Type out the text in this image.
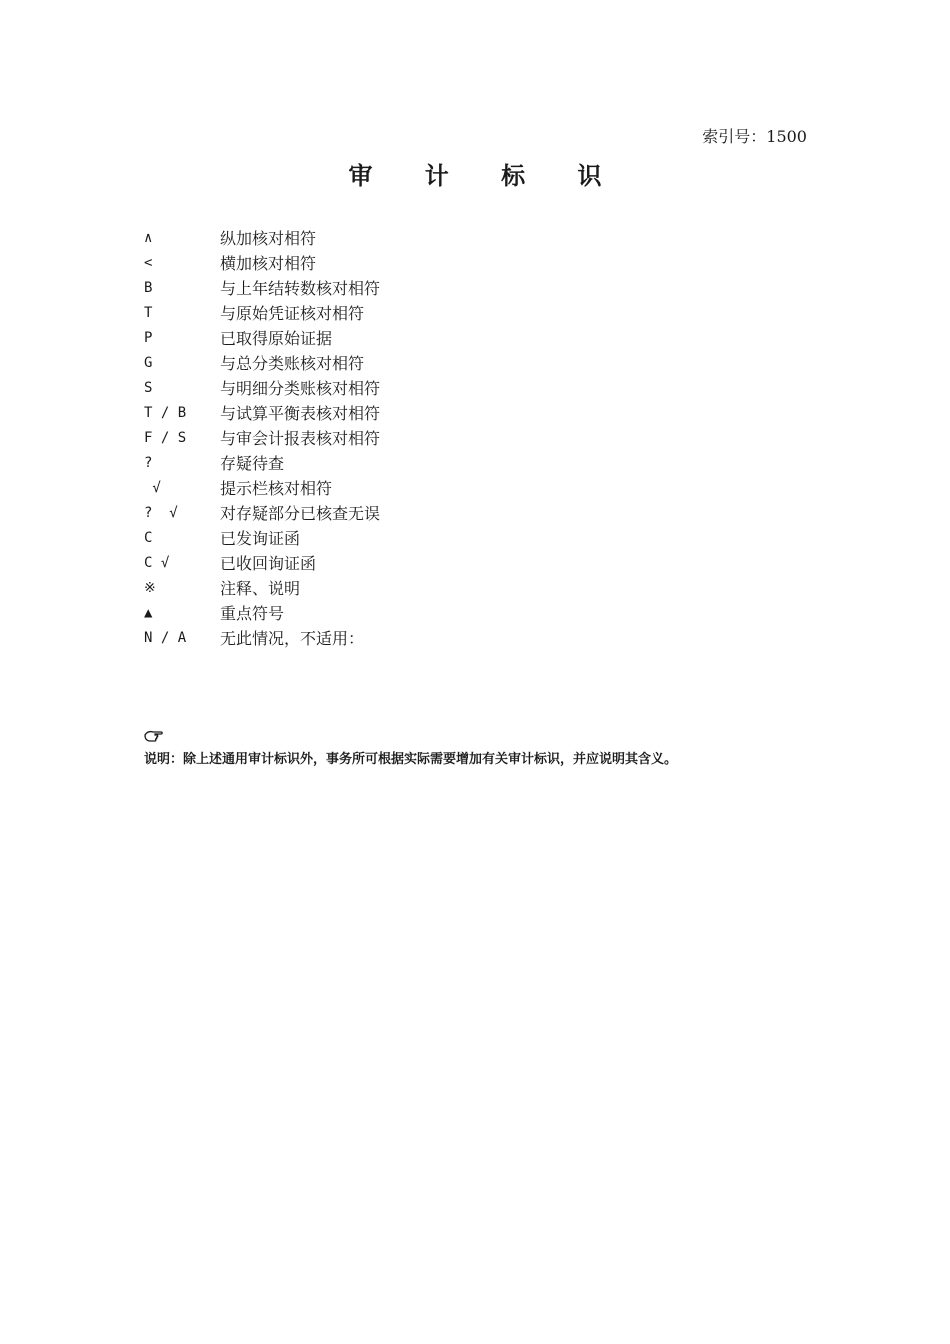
索引号：1500
审 计 标 识
∧	纵加核对相符
<	横加核对相符
B	与上年结转数核对相符
T	与原始凭证核对相符
P	已取得原始证据
G	与总分类账核对相符
S	与明细分类账核对相符
T / B	与试算平衡表核对相符
F / S	与审会计报表核对相符
?	存疑待查
√	提示栏核对相符
?  √	对存疑部分已核查无误
C	已发询证函
C √	已收回询证函
※	注释、说明
▲	重点符号
N / A	无此情况，不适用：
说明：除上述通用审计标识外，事务所可根据实际需要增加有关审计标识，并应说明其含义。
